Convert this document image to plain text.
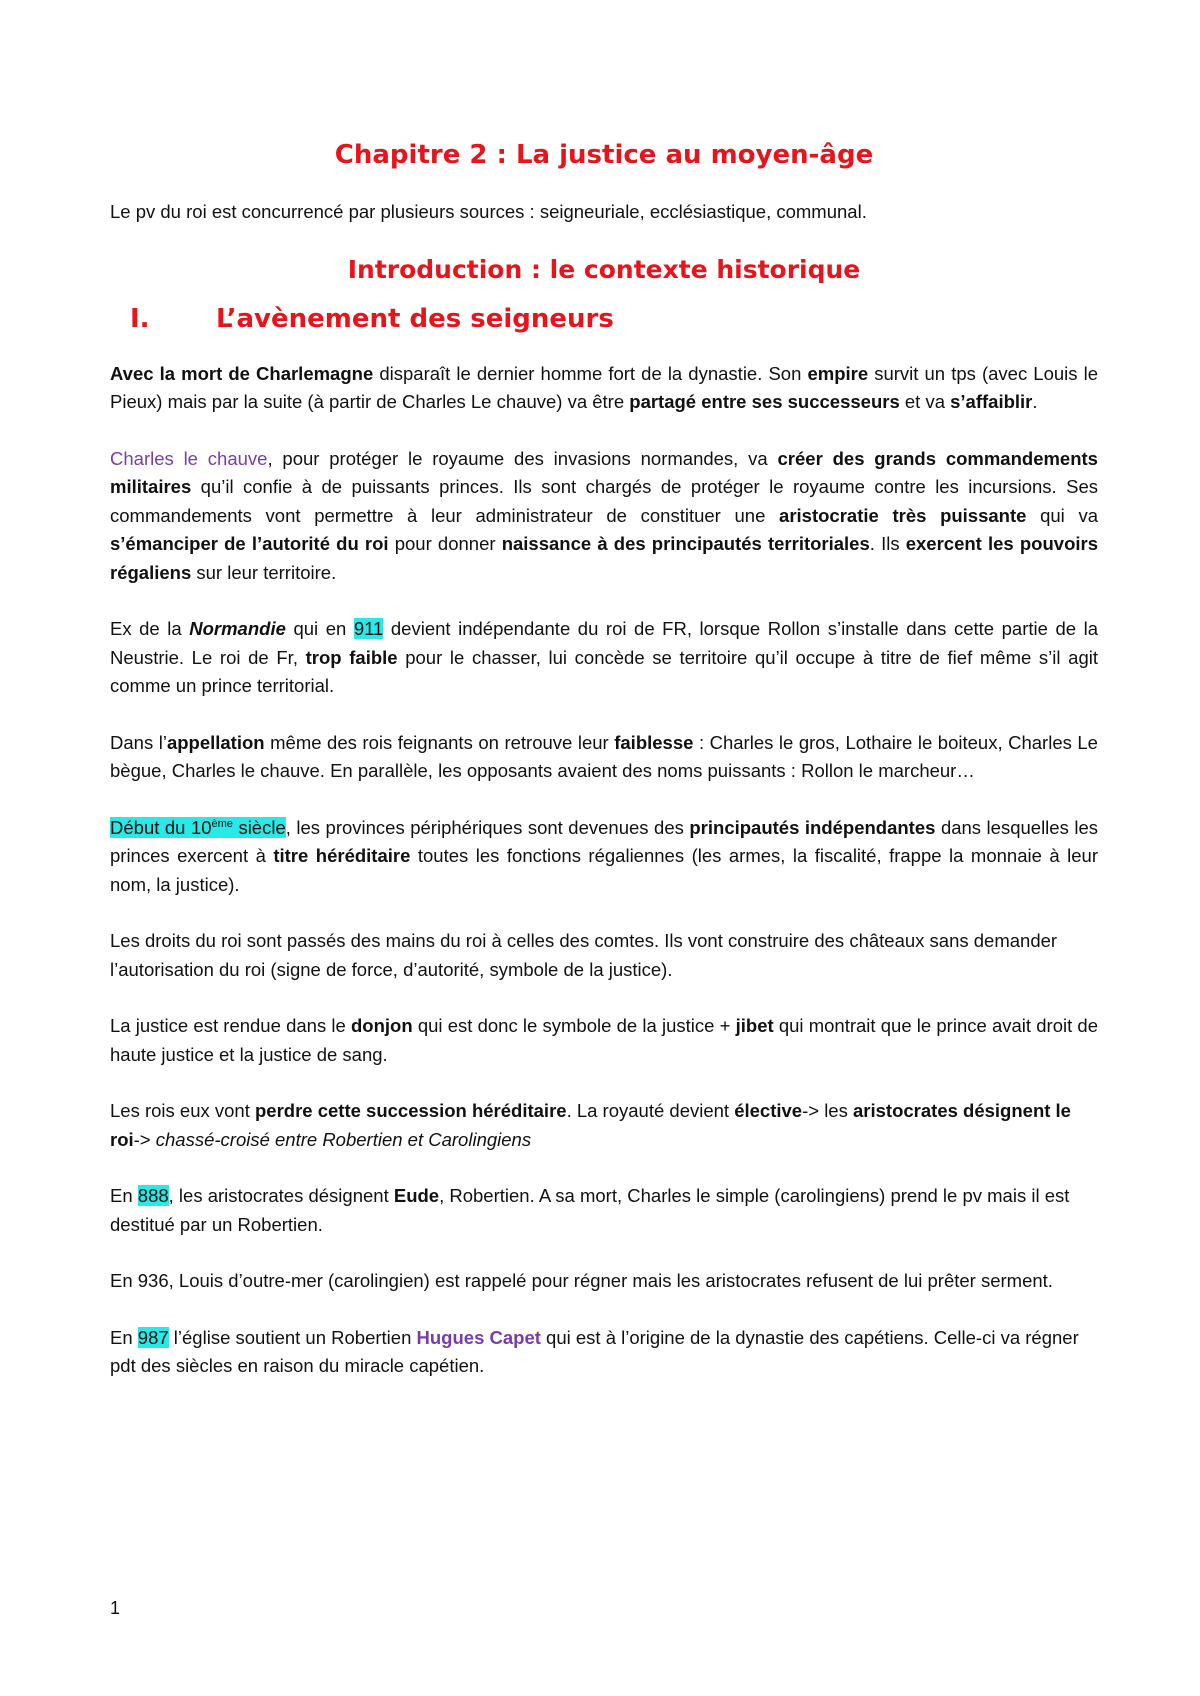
Chapitre 2 : La justice au moyen-âge

Le pv du roi est concurrencé par plusieurs sources : seigneuriale, ecclésiastique, communal.

Introduction : le contexte historique
I.	L’avènement des seigneurs

Avec la mort de Charlemagne disparaît le dernier homme fort de la dynastie. Son empire survit un tps (avec Louis le Pieux) mais par la suite (à partir de Charles Le chauve) va être partagé entre ses successeurs et va s’affaiblir.

Charles le chauve, pour protéger le royaume des invasions normandes, va créer des grands commandements militaires qu’il confie à de puissants princes. Ils sont chargés de protéger le royaume contre les incursions. Ses commandements vont permettre à leur administrateur de constituer une aristocratie très puissante qui va s’émanciper de l’autorité du roi pour donner naissance à des principautés territoriales. Ils exercent les pouvoirs régaliens sur leur territoire.

Ex de la Normandie qui en 911 devient indépendante du roi de FR, lorsque Rollon s’installe dans cette partie de la Neustrie. Le roi de Fr, trop faible pour le chasser, lui concède se territoire qu’il occupe à titre de fief même s’il agit comme un prince territorial.

Dans l’appellation même des rois feignants on retrouve leur faiblesse : Charles le gros, Lothaire le boiteux, Charles Le bègue, Charles le chauve. En parallèle, les opposants avaient des noms puissants : Rollon le marcheur…

Début du 10ème siècle, les provinces périphériques sont devenues des principautés indépendantes dans lesquelles les princes exercent à titre héréditaire toutes les fonctions régaliennes (les armes, la fiscalité, frappe la monnaie à leur nom, la justice).

Les droits du roi sont passés des mains du roi à celles des comtes. Ils vont construire des châteaux sans demander l’autorisation du roi (signe de force, d’autorité, symbole de la justice).

La justice est rendue dans le donjon qui est donc le symbole de la justice + jibet qui montrait que le prince avait droit de haute justice et la justice de sang.

Les rois eux vont perdre cette succession héréditaire. La royauté devient élective-> les aristocrates désignent le roi-> chassé-croisé entre Robertien et Carolingiens

En 888, les aristocrates désignent Eude, Robertien. A sa mort, Charles le simple (carolingiens) prend le pv mais il est destitué par un Robertien.

En 936, Louis d’outre-mer (carolingien) est rappelé pour régner mais les aristocrates refusent de lui prêter serment.

En 987 l’église soutient un Robertien Hugues Capet qui est à l’origine de la dynastie des capétiens. Celle-ci va régner pdt des siècles en raison du miracle capétien.

1
